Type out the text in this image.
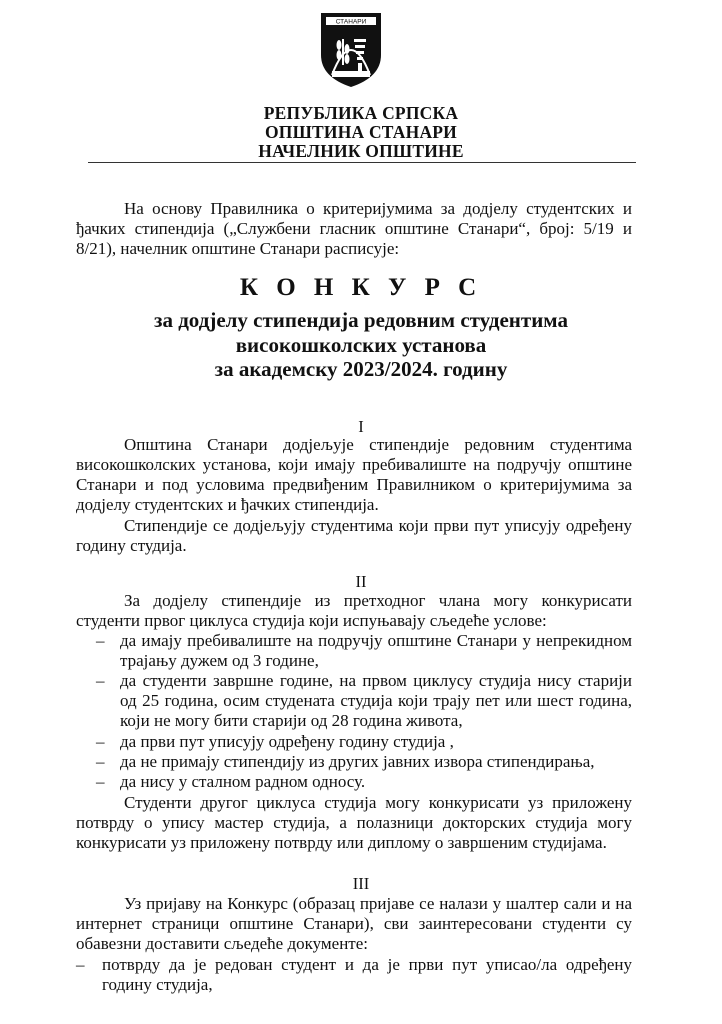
СТАНАРИ
РЕПУБЛИКА СРПСКА
ОПШТИНА СТАНАРИ
НАЧЕЛНИК ОПШТИНЕ

На основу Правилника о критеријумима за додјелу студентских и ђачких стипендија („Службени гласник општине Станари“, број: 5/19 и 8/21), начелник општине Станари расписује:

К О Н К У Р С

за додјелу стипендија редовним студентима

високошколских установа

за академску 2023/2024. годину

I

Општина Станари додјељује стипендије редовним студентима високошколских установа, који имају пребивалиште на подручју општине Станари и под условима предвиђеним Правилником о критеријумима за додјелу студентских и ђачких стипендија.

Стипендије се додјељују студентима који први пут уписују одређену годину студија.

II

За додјелу стипендије из претходног члана могу конкурисати студенти првог циклуса студија који испуњавају сљедеће услове:

– да имају пребивалиште на подручју општине Станари у непрекидном трајању дужем од 3 године,
– да студенти завршне године, на првом циклусу студија нису старији од 25 година, осим студената студија који трају пет или шест година, који не могу бити старији од 28 година живота,
– да први пут уписују одређену годину студија ,
– да не примају стипендију из других јавних извора стипендирања,
– да нису у сталном радном односу.

Студенти другог циклуса студија могу конкурисати уз приложену потврду о упису мастер студија, а полазници докторских студија могу конкурисати уз приложену потврду или диплому о завршеним студијама.

III

Уз пријаву на Конкурс (образац пријаве се налази у шалтер сали и на интернет страници општине Станари), сви заинтересовани студенти су обавезни доставити сљедеће документе:

– потврду да је редован студент и да је први пут уписао/ла одређену годину студија,
